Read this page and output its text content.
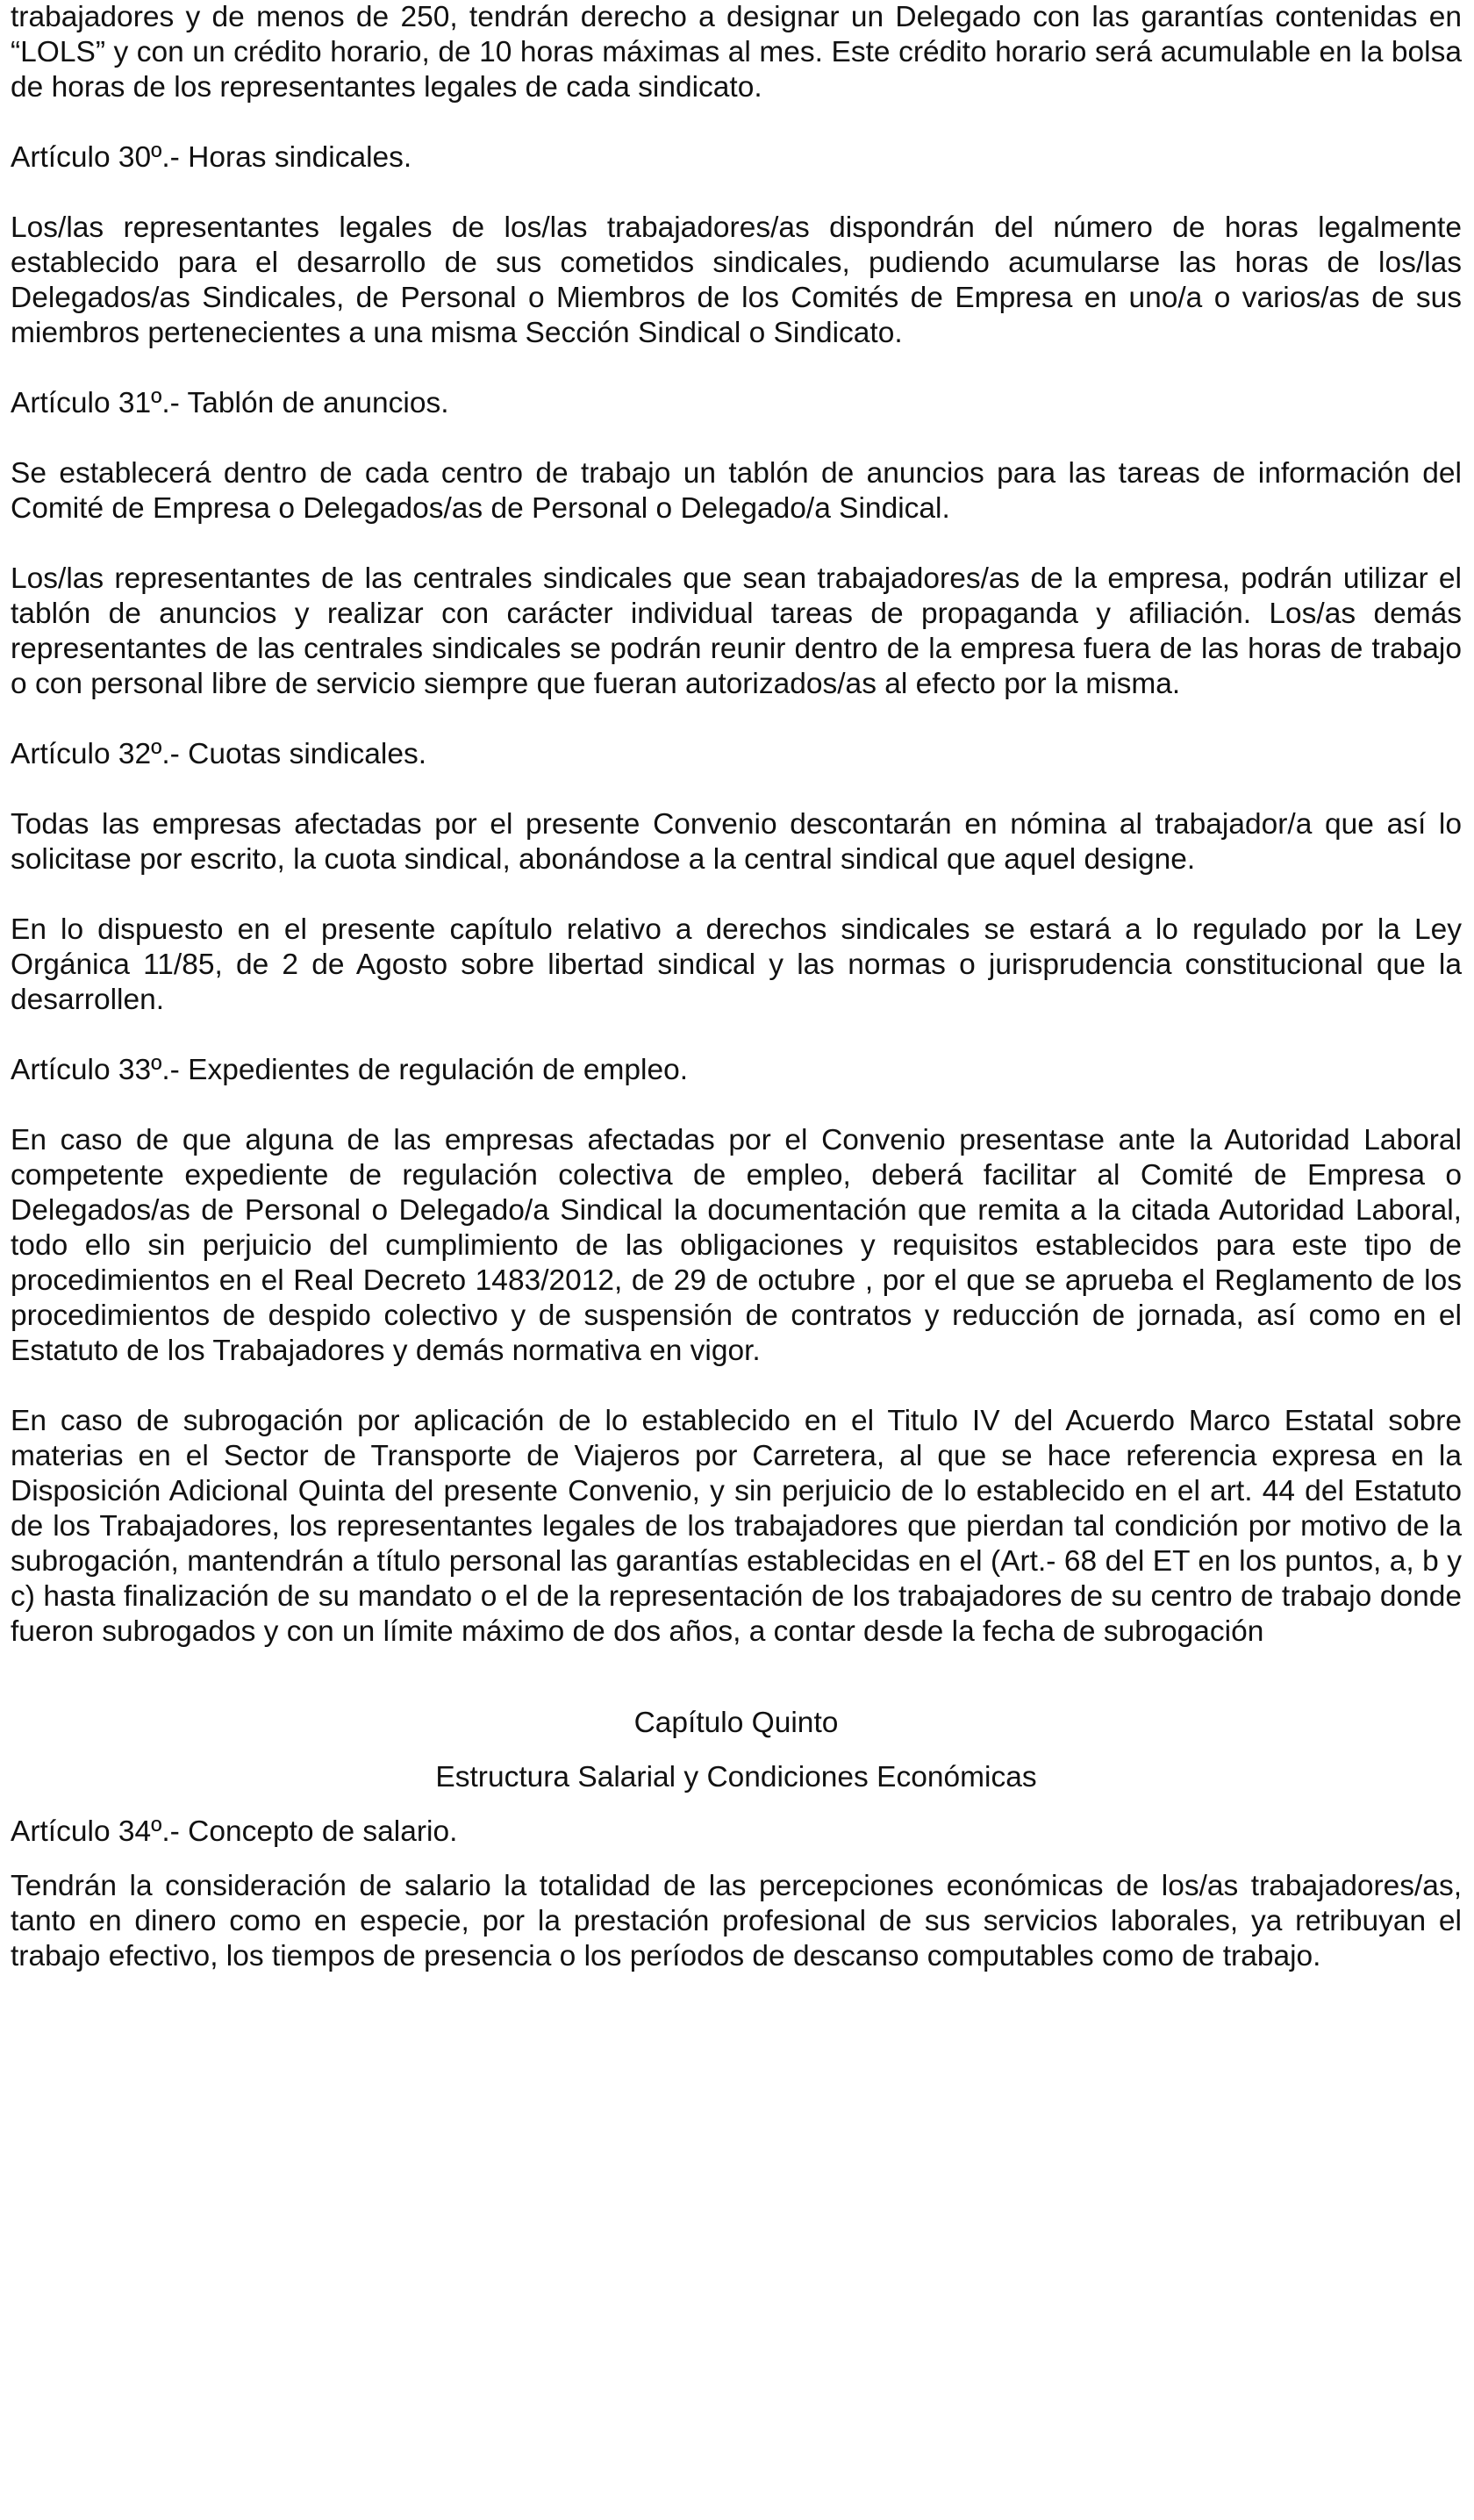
trabajadores y de menos de 250, tendrán derecho a designar un Delegado con las garantías contenidas en “LOLS” y con un crédito horario, de 10 horas máximas al mes. Este crédito horario será acumulable en la bolsa de horas de los representantes legales de cada sindicato.

Artículo 30º.- Horas sindicales.

Los/las representantes legales de los/las trabajadores/as dispondrán del número de horas legalmente establecido para el desarrollo de sus cometidos sindicales, pudiendo acumularse las horas de los/las Delegados/as Sindicales, de Personal o Miembros de los Comités de Empresa en uno/a o varios/as de sus miembros pertenecientes a una misma Sección Sindical o Sindicato.

Artículo 31º.- Tablón de anuncios.

Se establecerá dentro de cada centro de trabajo un tablón de anuncios para las tareas de información del Comité de Empresa o Delegados/as de Personal o Delegado/a Sindical.

Los/las representantes de las centrales sindicales que sean trabajadores/as de la empresa, podrán utilizar el tablón de anuncios y realizar con carácter individual tareas de propaganda y afiliación. Los/as demás representantes de las centrales sindicales se podrán reunir dentro de la empresa fuera de las horas de trabajo o con personal libre de servicio siempre que fueran autorizados/as al efecto por la misma.

Artículo 32º.- Cuotas sindicales.

Todas las empresas afectadas por el presente Convenio descontarán en nómina al trabajador/a que así lo solicitase por escrito, la cuota sindical, abonándose a la central sindical que aquel designe.

En lo dispuesto en el presente capítulo relativo a derechos sindicales se estará a lo regulado por la Ley Orgánica 11/85, de 2 de Agosto sobre libertad sindical y las normas o jurisprudencia constitucional que la desarrollen.

Artículo 33º.- Expedientes de regulación de empleo.

En caso de que alguna de las empresas afectadas por el Convenio presentase ante la Autoridad Laboral competente expediente de regulación colectiva de empleo, deberá facilitar al Comité de Empresa o Delegados/as de Personal o Delegado/a Sindical la documentación que remita a la citada Autoridad Laboral, todo ello sin perjuicio del cumplimiento de las obligaciones y requisitos establecidos para este tipo de procedimientos en el Real Decreto 1483/2012, de 29 de octubre , por el que se aprueba el Reglamento de los procedimientos de despido colectivo y de suspensión de contratos y reducción de jornada, así como en el Estatuto de los Trabajadores y demás normativa en vigor.

En caso de subrogación por aplicación de lo establecido en el Titulo IV del Acuerdo Marco Estatal sobre materias en el Sector de Transporte de Viajeros por Carretera, al que se hace referencia expresa en la Disposición Adicional Quinta del presente Convenio, y sin perjuicio de lo establecido en el art. 44 del Estatuto de los Trabajadores, los representantes legales de los trabajadores que pierdan tal condición por motivo de la subrogación, mantendrán a título personal las garantías establecidas en el (Art.- 68 del ET en los puntos, a, b y c) hasta finalización de su mandato o el de la representación de los trabajadores de su centro de trabajo donde fueron subrogados y con un límite máximo de dos años, a contar desde la fecha de subrogación

Capítulo Quinto

Estructura Salarial y Condiciones Económicas

Artículo 34º.- Concepto de salario.

Tendrán la consideración de salario la totalidad de las percepciones económicas de los/as trabajadores/as, tanto en dinero como en especie, por la prestación profesional de sus servicios laborales, ya retribuyan el trabajo efectivo, los tiempos de presencia o los períodos de descanso computables como de trabajo.
